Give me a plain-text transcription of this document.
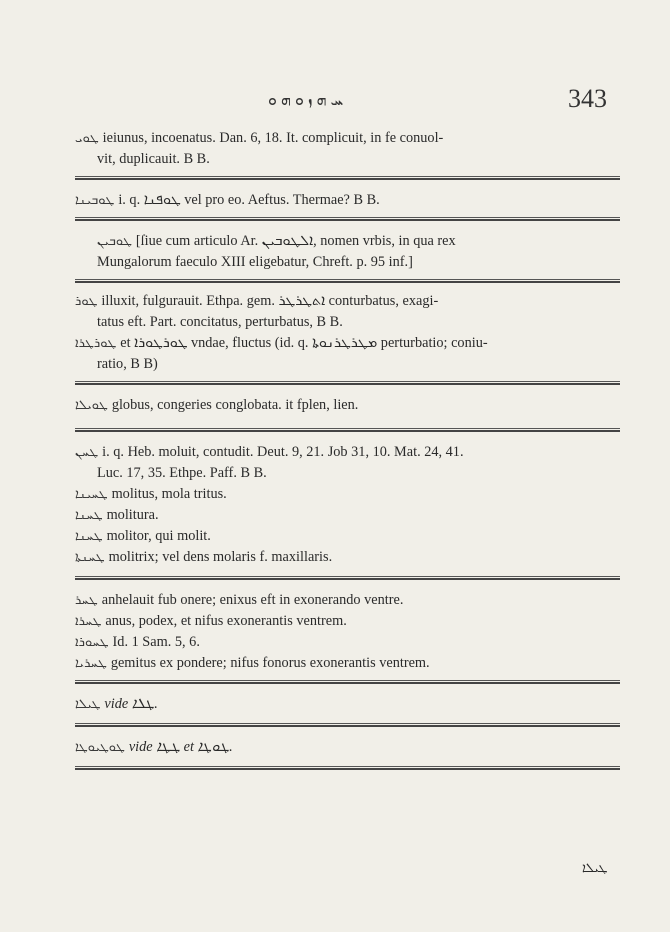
ܚ ܗ ܙ ܘ ܗ ܘ	343

ܛܘܝ ieiunus, incoenatus. Dan. 6, 18. It. complicuit, in fe conuol-

vit, duplicauit. B B.

ܛܘܒܝܢܐ i. q. ܛܘܦܢܐ vel pro eo. Aeftus. Thermae? B B.

ܛܘܒܝܢ [ſiue cum articulo Ar. ܐܠܛܘܒܝܢ, nomen vrbis, in qua rex

Mungalorum faeculo XIII eligebatur, Chreft. p. 95 inf.]

ܛܘܪ illuxit, fulgurauit. Ethpa. gem. ܐܬܛܪܛܪ conturbatus, exagi-

tatus eft. Part. concitatus, perturbatus, B B.

ܛܘܪܛܪܐ et ܛܘܪܛܘܪܐ vndae, fluctus (id. q. ܡܛܪܛܪܢܘܬܐ perturbatio; coniu-

ratio, B B)

ܛܘܝܠܐ globus, congeries conglobata. it fplen, lien.

ܛܚܢ i. q. Heb. moluit, contudit. Deut. 9, 21. Job 31, 10. Mat. 24, 41.

Luc. 17, 35. Ethpe. Paff. B B.

ܛܚܝܢܐ molitus, mola tritus.

ܛܚܢܐ molitura.

ܛܚܢܐ molitor, qui molit.

ܛܚܢܬܐ molitrix; vel dens molaris f. maxillaris.

ܛܚܪ anhelauit fub onere; enixus eft in exonerando ventre.

ܛܚܪܐ anus, podex, et nifus exonerantis ventrem.

ܛܚܘܪܐ Id. 1 Sam. 5, 6.

ܛܚܪܝܐ gemitus ex pondere; nifus fonorus exonerantis ventrem.

ܛܝܠܐ vide ܛܠܐ.

ܛܘܛܝܘܛܐ vide ܛܛܐ et ܛܘܛܐ.

ܛܝܠܐ
